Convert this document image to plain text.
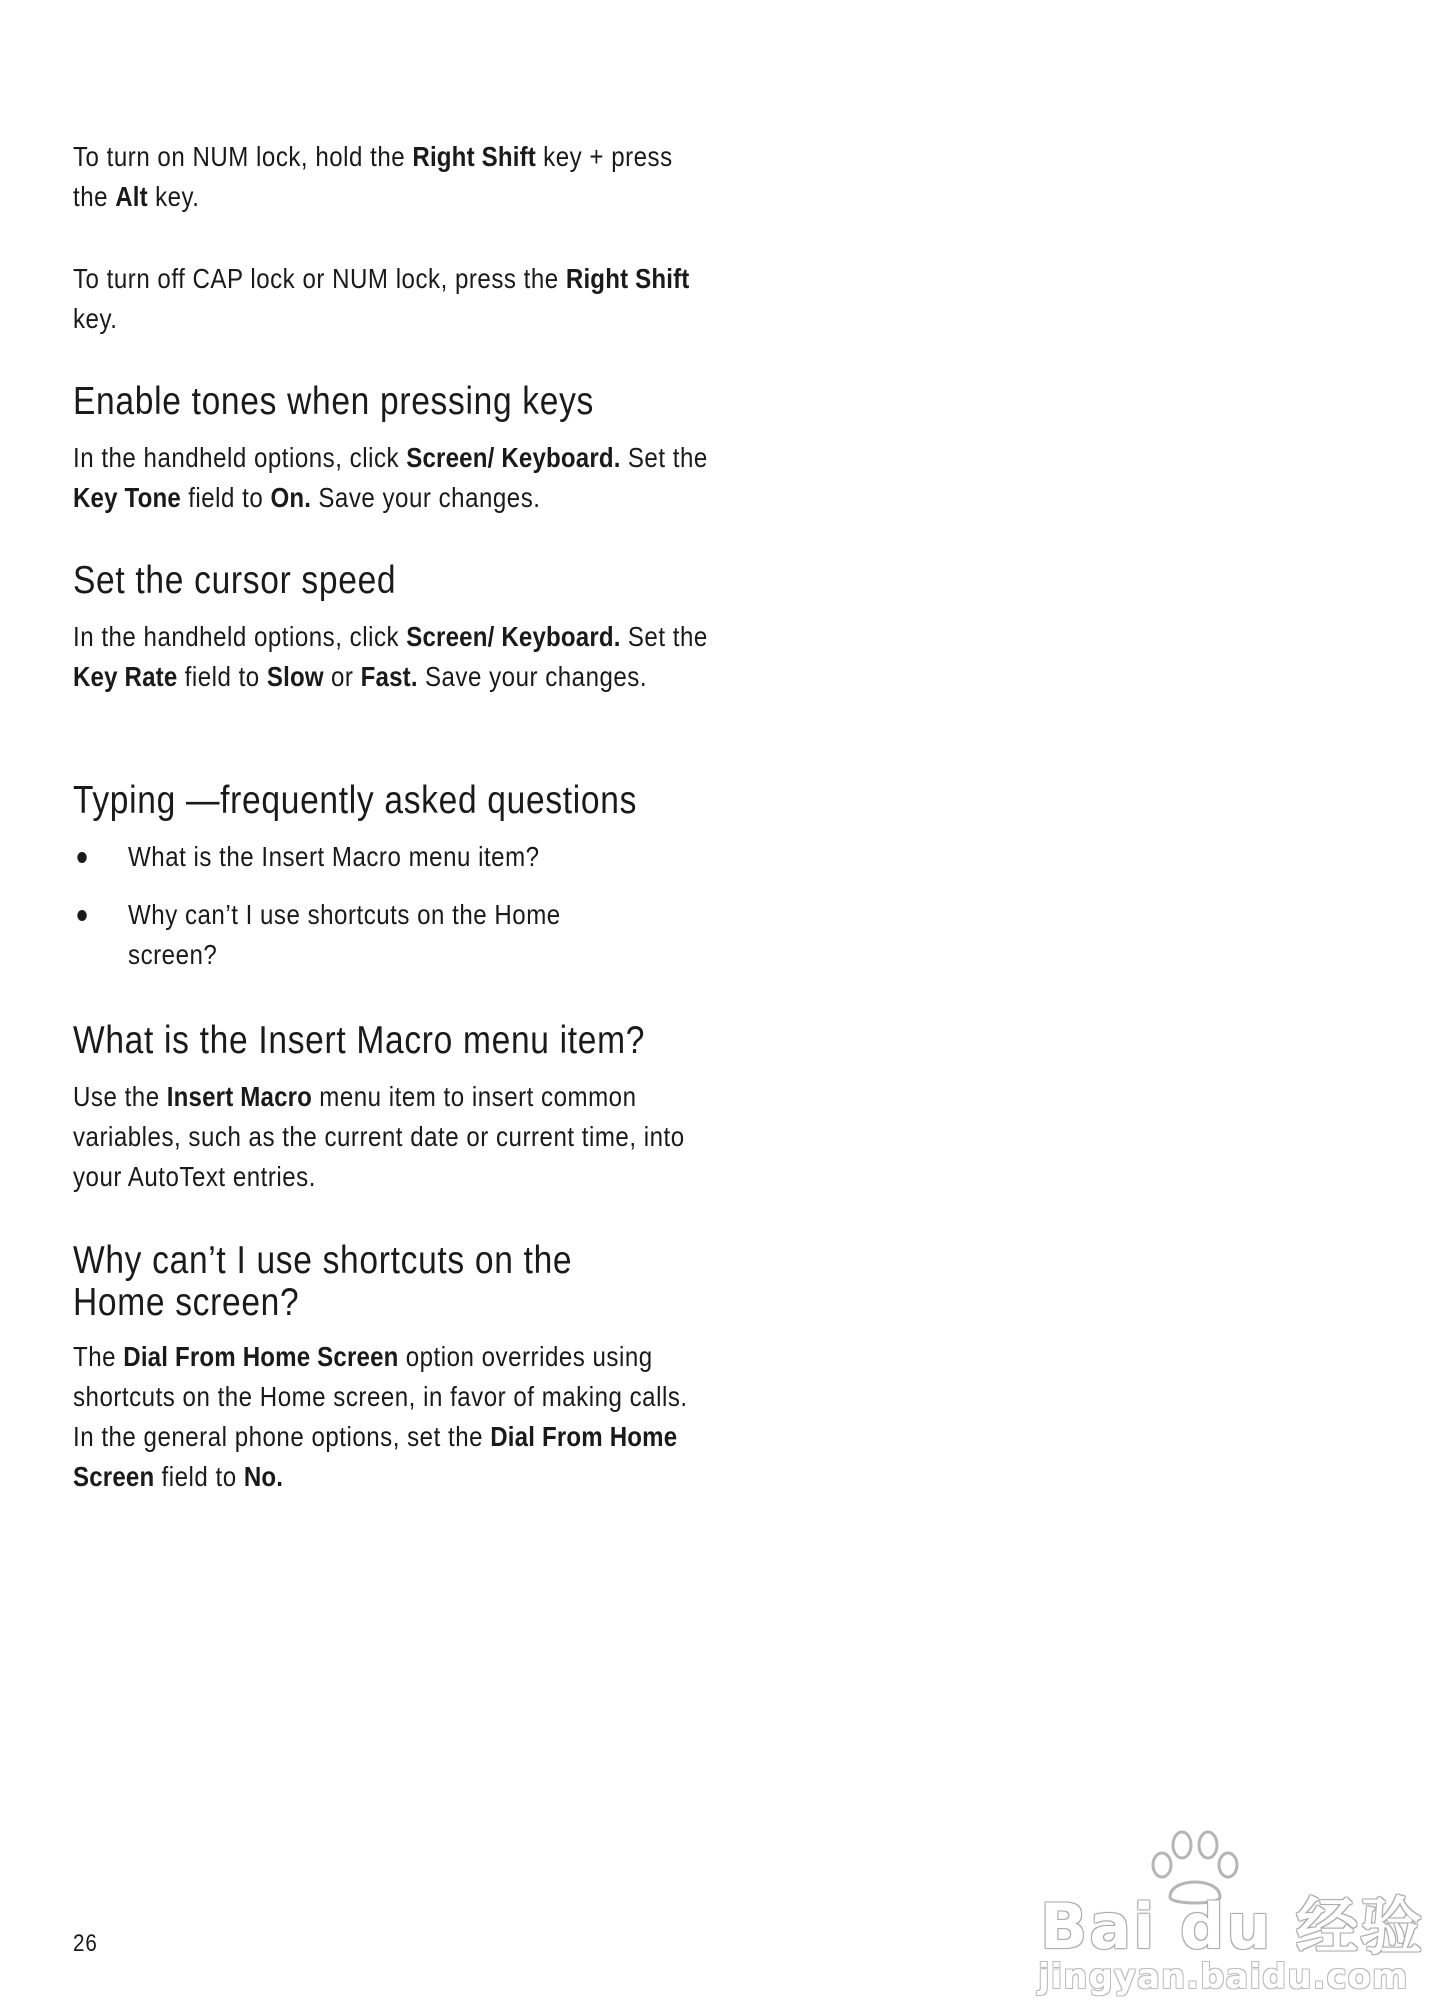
To turn on NUM lock, hold the Right Shift key + press the Alt key.

To turn off CAP lock or NUM lock, press the Right Shift key.

Enable tones when pressing keys

In the handheld options, click Screen/ Keyboard. Set the Key Tone field to On. Save your changes.

Set the cursor speed

In the handheld options, click Screen/ Keyboard. Set the Key Rate field to Slow or Fast. Save your changes.

Typing —frequently asked questions
What is the Insert Macro menu item?
Why can’t I use shortcuts on the Home screen?
What is the Insert Macro menu item?

Use the Insert Macro menu item to insert common variables, such as the current date or current time, into your AutoText entries.

Why can’t I use shortcuts on the Home screen?

The Dial From Home Screen option overrides using shortcuts on the Home screen, in favor of making calls. In the general phone options, set the Dial From Home Screen field to No.

26	Bai du 经验
jingyan.baidu.com
